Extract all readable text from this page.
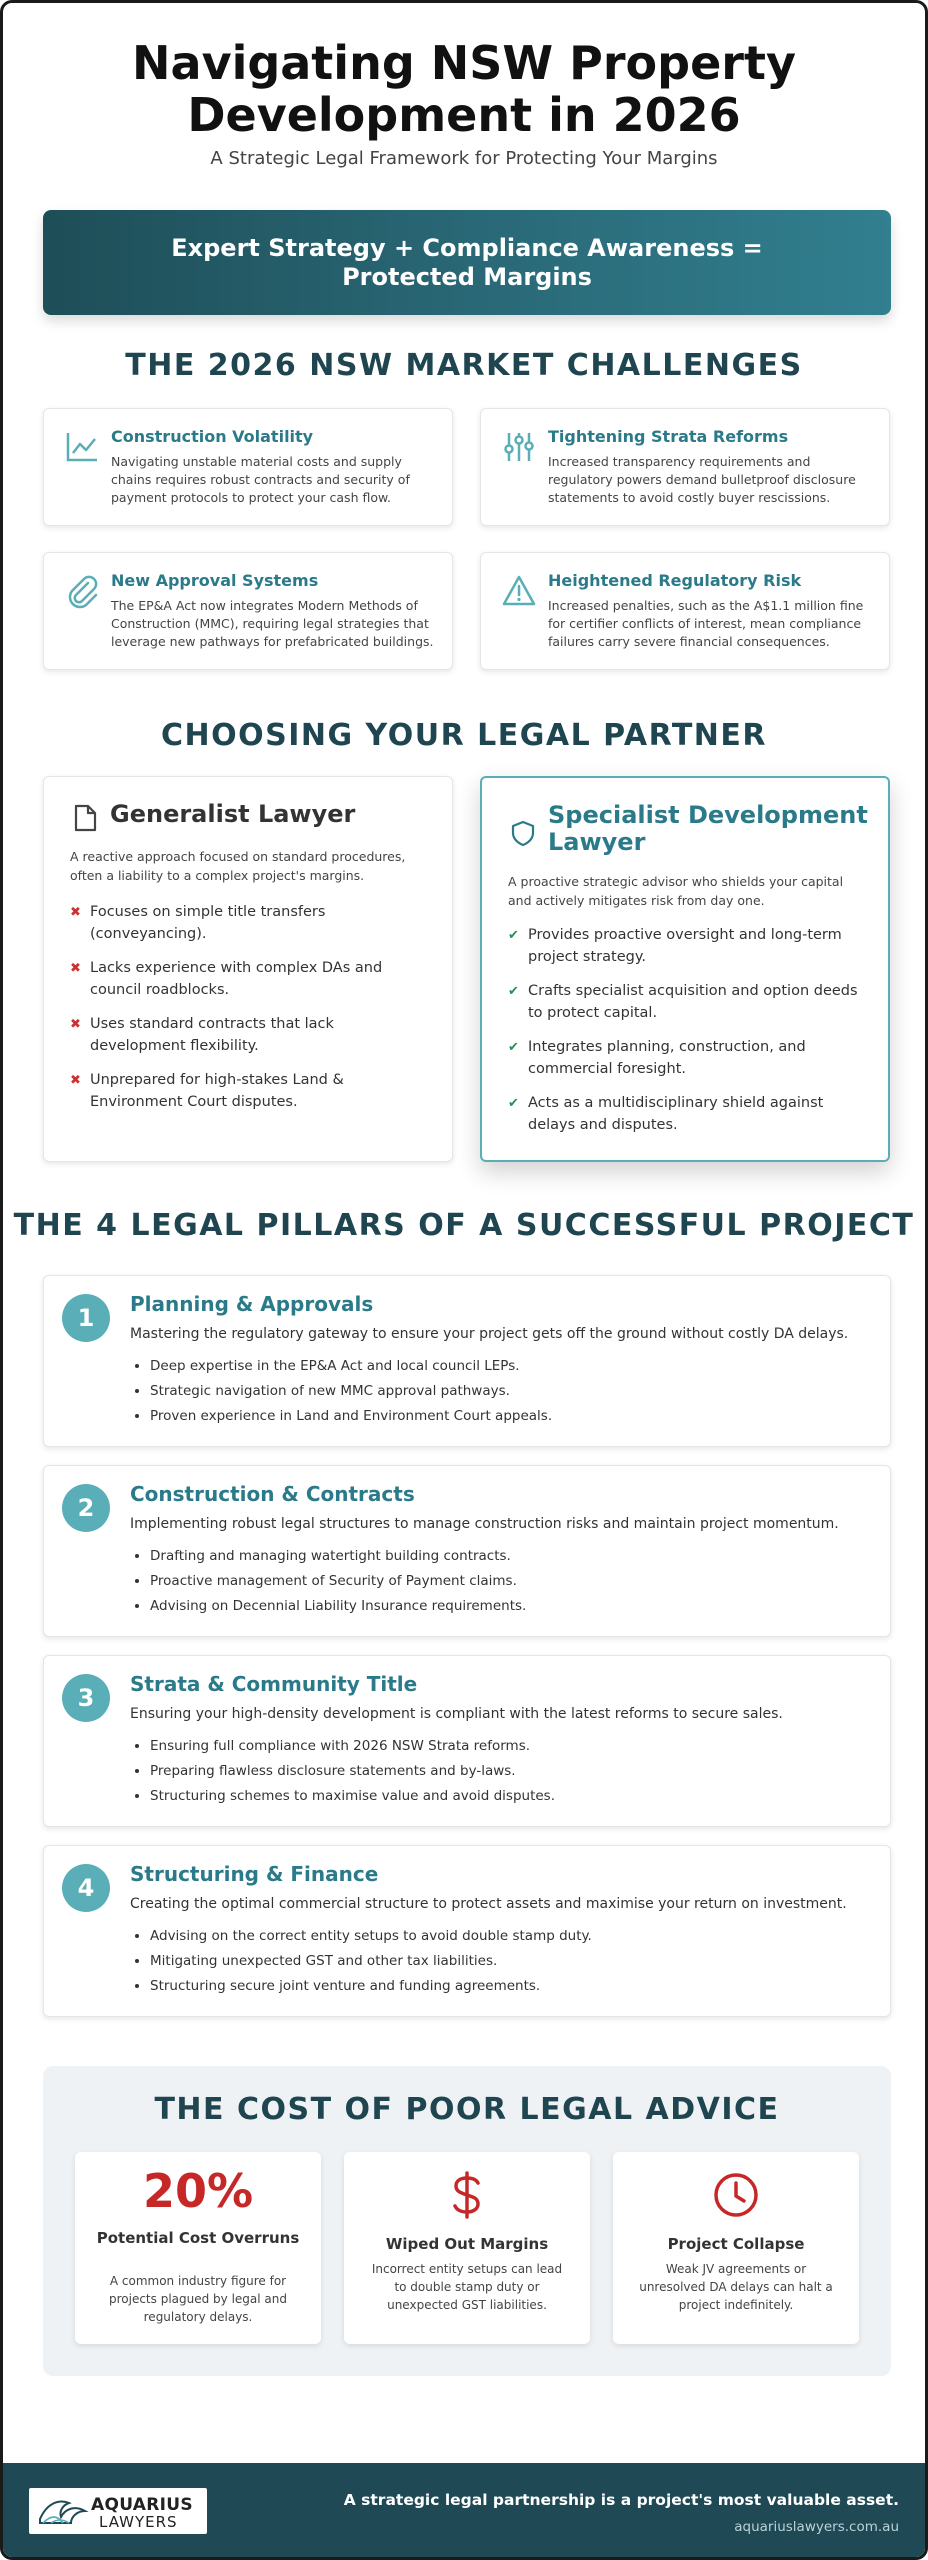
Navigating NSW Property
Development in 2026
A Strategic Legal Framework for Protecting Your Margins
Expert Strategy + Compliance Awareness = Protected Margins
THE 2026 NSW MARKET CHALLENGES
Construction Volatility

Navigating unstable material costs and supply chains requires robust contracts and security of payment protocols to protect your cash flow.

Tightening Strata Reforms

Increased transparency requirements and regulatory powers demand bulletproof disclosure statements to avoid costly buyer rescissions.

New Approval Systems

The EP&A Act now integrates Modern Methods of Construction (MMC), requiring legal strategies that leverage new pathways for prefabricated buildings.

Heightened Regulatory Risk

Increased penalties, such as the A$1.1 million fine for certifier conflicts of interest, mean compliance failures carry severe financial consequences.

CHOOSING YOUR LEGAL PARTNER
Generalist Lawyer

A reactive approach focused on standard procedures, often a liability to a complex project's margins.

✖ Focuses on simple title transfers (conveyancing).
✖ Lacks experience with complex DAs and council roadblocks.
✖ Uses standard contracts that lack development flexibility.
✖ Unprepared for high-stakes Land & Environment Court disputes.
Specialist Development Lawyer

A proactive strategic advisor who shields your capital and actively mitigates risk from day one.

✔ Provides proactive oversight and long-term project strategy.
✔ Crafts specialist acquisition and option deeds to protect capital.
✔ Integrates planning, construction, and commercial foresight.
✔ Acts as a multidisciplinary shield against delays and disputes.
THE 4 LEGAL PILLARS OF A SUCCESSFUL PROJECT
1	Planning & Approvals

Mastering the regulatory gateway to ensure your project gets off the ground without costly DA delays.

• Deep expertise in the EP&A Act and local council LEPs.
• Strategic navigation of new MMC approval pathways.
• Proven experience in Land and Environment Court appeals.
2	Construction & Contracts

Implementing robust legal structures to manage construction risks and maintain project momentum.

• Drafting and managing watertight building contracts.
• Proactive management of Security of Payment claims.
• Advising on Decennial Liability Insurance requirements.
3	Strata & Community Title

Ensuring your high-density development is compliant with the latest reforms to secure sales.

• Ensuring full compliance with 2026 NSW Strata reforms.
• Preparing flawless disclosure statements and by-laws.
• Structuring schemes to maximise value and avoid disputes.
4	Structuring & Finance

Creating the optimal commercial structure to protect assets and maximise your return on investment.

• Advising on the correct entity setups to avoid double stamp duty.
• Mitigating unexpected GST and other tax liabilities.
• Structuring secure joint venture and funding agreements.
THE COST OF POOR LEGAL ADVICE
20%
Potential Cost Overruns

A common industry figure for projects plagued by legal and regulatory delays.

Wiped Out Margins

Incorrect entity setups can lead to double stamp duty or unexpected GST liabilities.

Project Collapse

Weak JV agreements or unresolved DA delays can halt a project indefinitely.

AQUARIUS
LAWYERS
A strategic legal partnership is a project's most valuable asset.
aquariuslawyers.com.au
